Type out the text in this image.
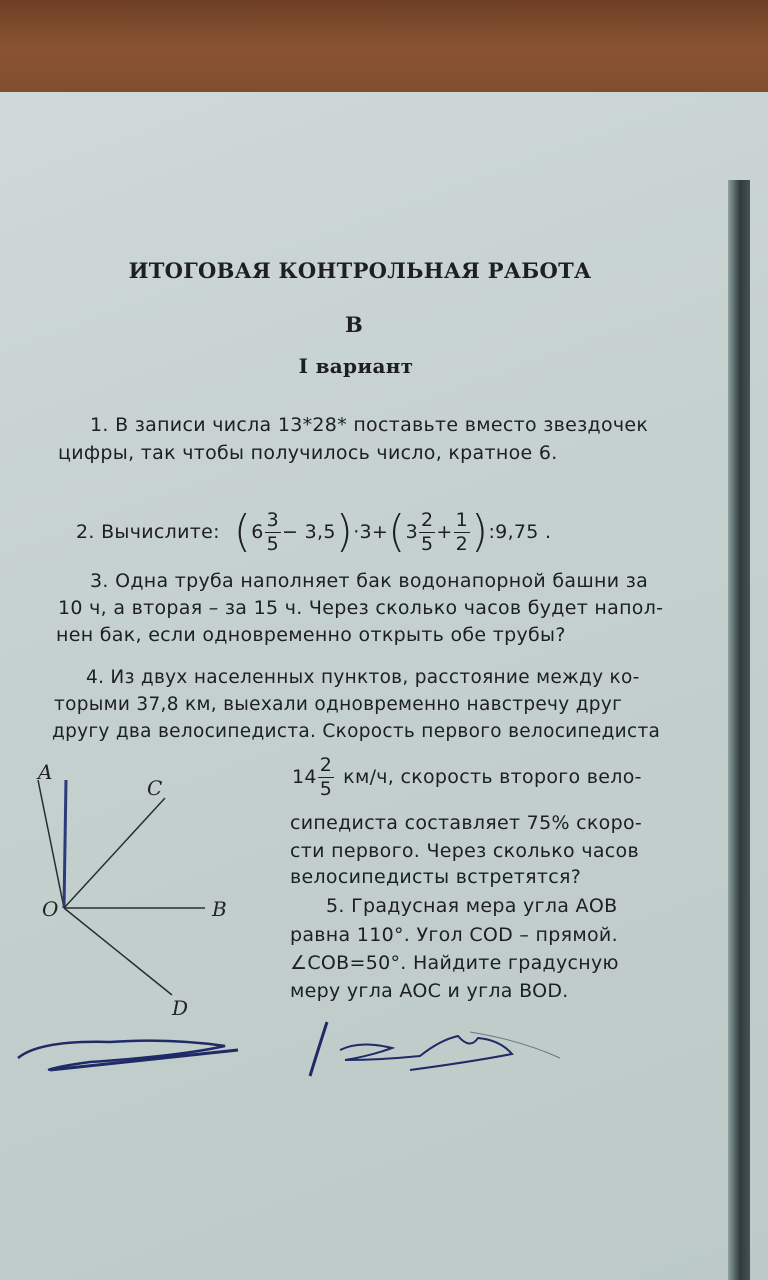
ИТОГОВАЯ КОНТРОЛЬНАЯ РАБОТА
В
I вариант
1. В записи числа 13*28* поставьте вместо звездочек
цифры, так чтобы получилось число, кратное 6.
2. Вычислите: ( $6 \frac{3}{5} - 3,5$ ) ·3+ ( $3 \frac{2}{5} + \frac{1}{2}$ ) :9,75 .
3. Одна труба наполняет бак водонапорной башни за
10 ч, а вторая – за 15 ч. Через сколько часов будет напол-
нен бак, если одновременно открыть обе трубы?
4. Из двух населенных пунктов, расстояние между ко-
торыми 37,8 км, выехали одновременно навстречу друг
другу два велосипедиста. Скорость первого велосипедиста
$14 \frac{2}{5} км/ч$, скорость второго вело-
сипедиста составляет 75% скоро-
сти первого. Через сколько часов
велосипедисты встретятся?
5. Градусная мера угла АОВ
равна 110°. Угол COD – прямой.
∠COB=50°. Найдите градусную
меру угла AOC и угла BOD.
A
C
O	B
D
